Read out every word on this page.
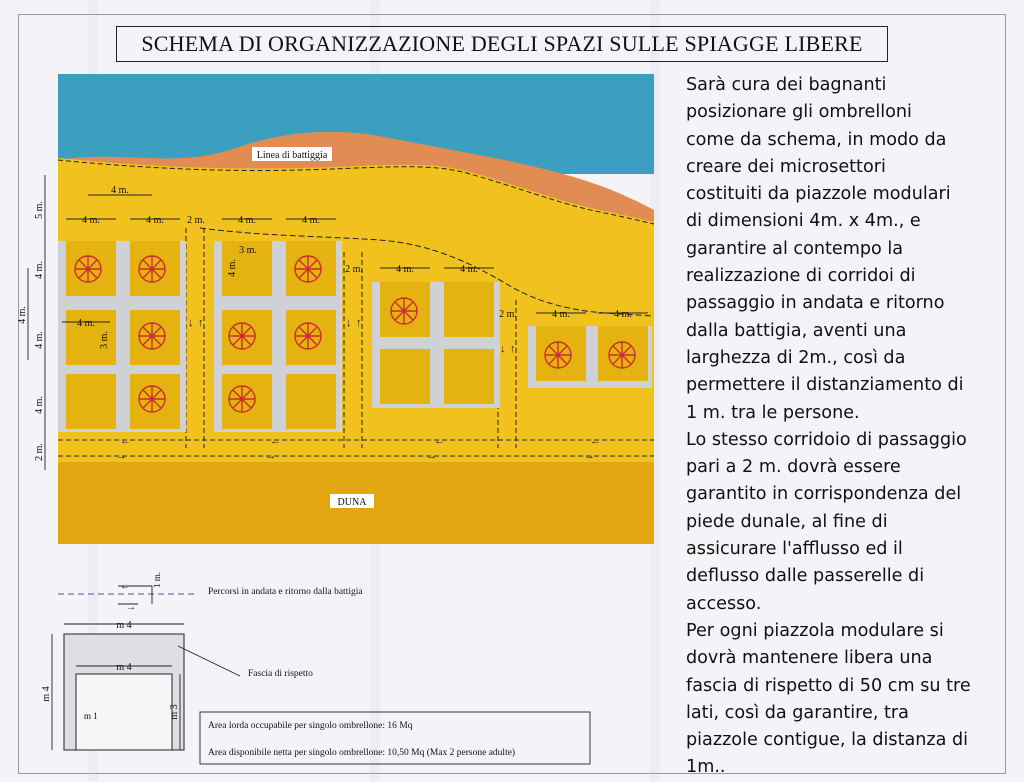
SCHEMA DI ORGANIZZAZIONE DEGLI SPAZI SULLE SPIAGGE LIBERE
Linea di battiggia
4 m.
4 m.	4 m. 2 m.	4 m.	4 m.
3 m.
2 m.	4 m.	4 m.
2 m.	4 m.	4 m.
4 m.
5 m.
4 m.
4 m.
4 m.
2 m.
4 m.
3 m.
4 m.
↓ ↑	↓ ↑
↓ ↑
←	←	←	←
→	→	→	→
DUNA
←
→
1 m.
Percorsi in andata e ritorno dalla battigia
m 4
m 4
m 4
m 3
m 1
Fascia di rispetto
Area lorda occupabile per singolo ombrellone: 16 Mq
Area disponibile netta per singolo ombrellone: 10,50 Mq (Max 2 persone adulte)

Sarà cura dei bagnanti

posizionare gli ombrelloni

come da schema, in modo da

creare dei microsettori

costituiti da piazzole modulari

di dimensioni 4m. x 4m., e

garantire al contempo la

realizzazione di corridoi di

passaggio in andata e ritorno

dalla battigia, aventi una

larghezza di 2m., così da

permettere il distanziamento di

1 m. tra le persone.

Lo stesso corridoio di passaggio

pari a 2 m. dovrà essere

garantito in corrispondenza del

piede dunale, al fine di

assicurare l'afflusso ed il

deflusso dalle passerelle di

accesso.

Per ogni piazzola modulare si

dovrà mantenere libera una

fascia di rispetto di 50 cm su tre

lati, così da garantire, tra

piazzole contigue, la distanza di

1m..
